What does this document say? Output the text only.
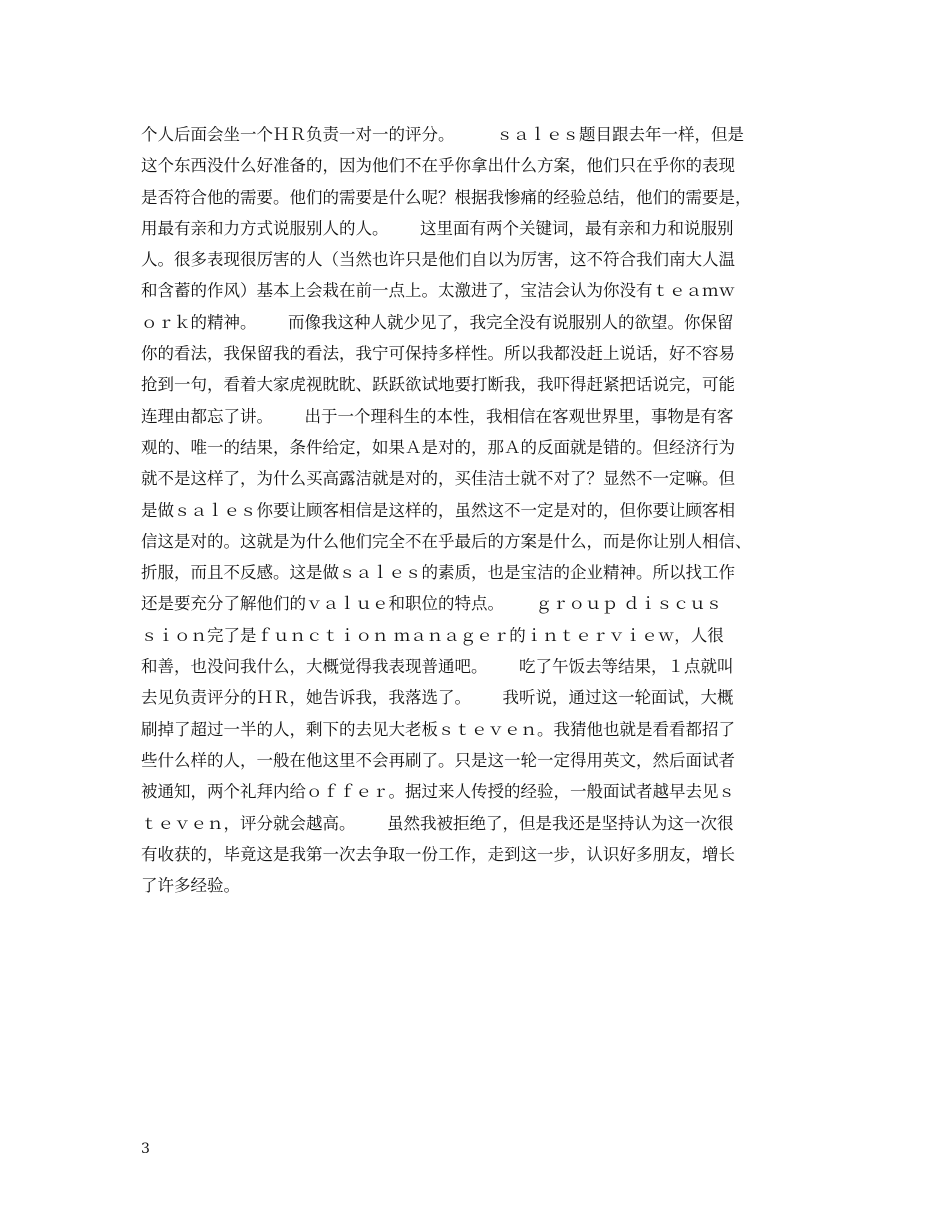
个人后面会坐一个ＨＲ负责一对一的评分。        ｓａｌｅｓ题目跟去年一样，但是
这个东西没什么好准备的，因为他们不在乎你拿出什么方案，他们只在乎你的表现
是否符合他的需要。他们的需要是什么呢？根据我惨痛的经验总结，他们的需要是，
用最有亲和力方式说服别人的人。      这里面有两个关键词，最有亲和力和说服别
人。很多表现很厉害的人（当然也许只是他们自以为厉害，这不符合我们南大人温
和含蓄的作风）基本上会栽在前一点上。太激进了，宝洁会认为你没有ｔｅａｍｗ
ｏｒｋ的精神。      而像我这种人就少见了，我完全没有说服别人的欲望。你保留
你的看法，我保留我的看法，我宁可保持多样性。所以我都没赶上说话，好不容易
抢到一句，看着大家虎视眈眈、跃跃欲试地要打断我，我吓得赶紧把话说完，可能
连理由都忘了讲。      出于一个理科生的本性，我相信在客观世界里，事物是有客
观的、唯一的结果，条件给定，如果Ａ是对的，那Ａ的反面就是错的。但经济行为
就不是这样了，为什么买高露洁就是对的，买佳洁士就不对了？显然不一定嘛。但
是做ｓａｌｅｓ你要让顾客相信是这样的，虽然这不一定是对的，但你要让顾客相
信这是对的。这就是为什么他们完全不在乎最后的方案是什么，而是你让别人相信、
折服，而且不反感。这是做ｓａｌｅｓ的素质，也是宝洁的企业精神。所以找工作
还是要充分了解他们的ｖａｌｕｅ和职位的特点。      ｇｒｏｕｐ ｄｉｓｃｕｓ
ｓｉｏｎ完了是ｆｕｎｃｔｉｏｎ ｍａｎａｇｅｒ的ｉｎｔｅｒｖｉｅｗ，人很
和善，也没问我什么，大概觉得我表现普通吧。      吃了午饭去等结果，１点就叫
去见负责评分的ＨＲ，她告诉我，我落选了。      我听说，通过这一轮面试，大概
刷掉了超过一半的人，剩下的去见大老板ｓｔｅｖｅｎ。我猜他也就是看看都招了
些什么样的人，一般在他这里不会再刷了。只是这一轮一定得用英文，然后面试者
被通知，两个礼拜内给ｏｆｆｅｒ。据过来人传授的经验，一般面试者越早去见ｓ
ｔｅｖｅｎ，评分就会越高。      虽然我被拒绝了，但是我还是坚持认为这一次很
有收获的，毕竟这是我第一次去争取一份工作，走到这一步，认识好多朋友，增长
了许多经验。
3
